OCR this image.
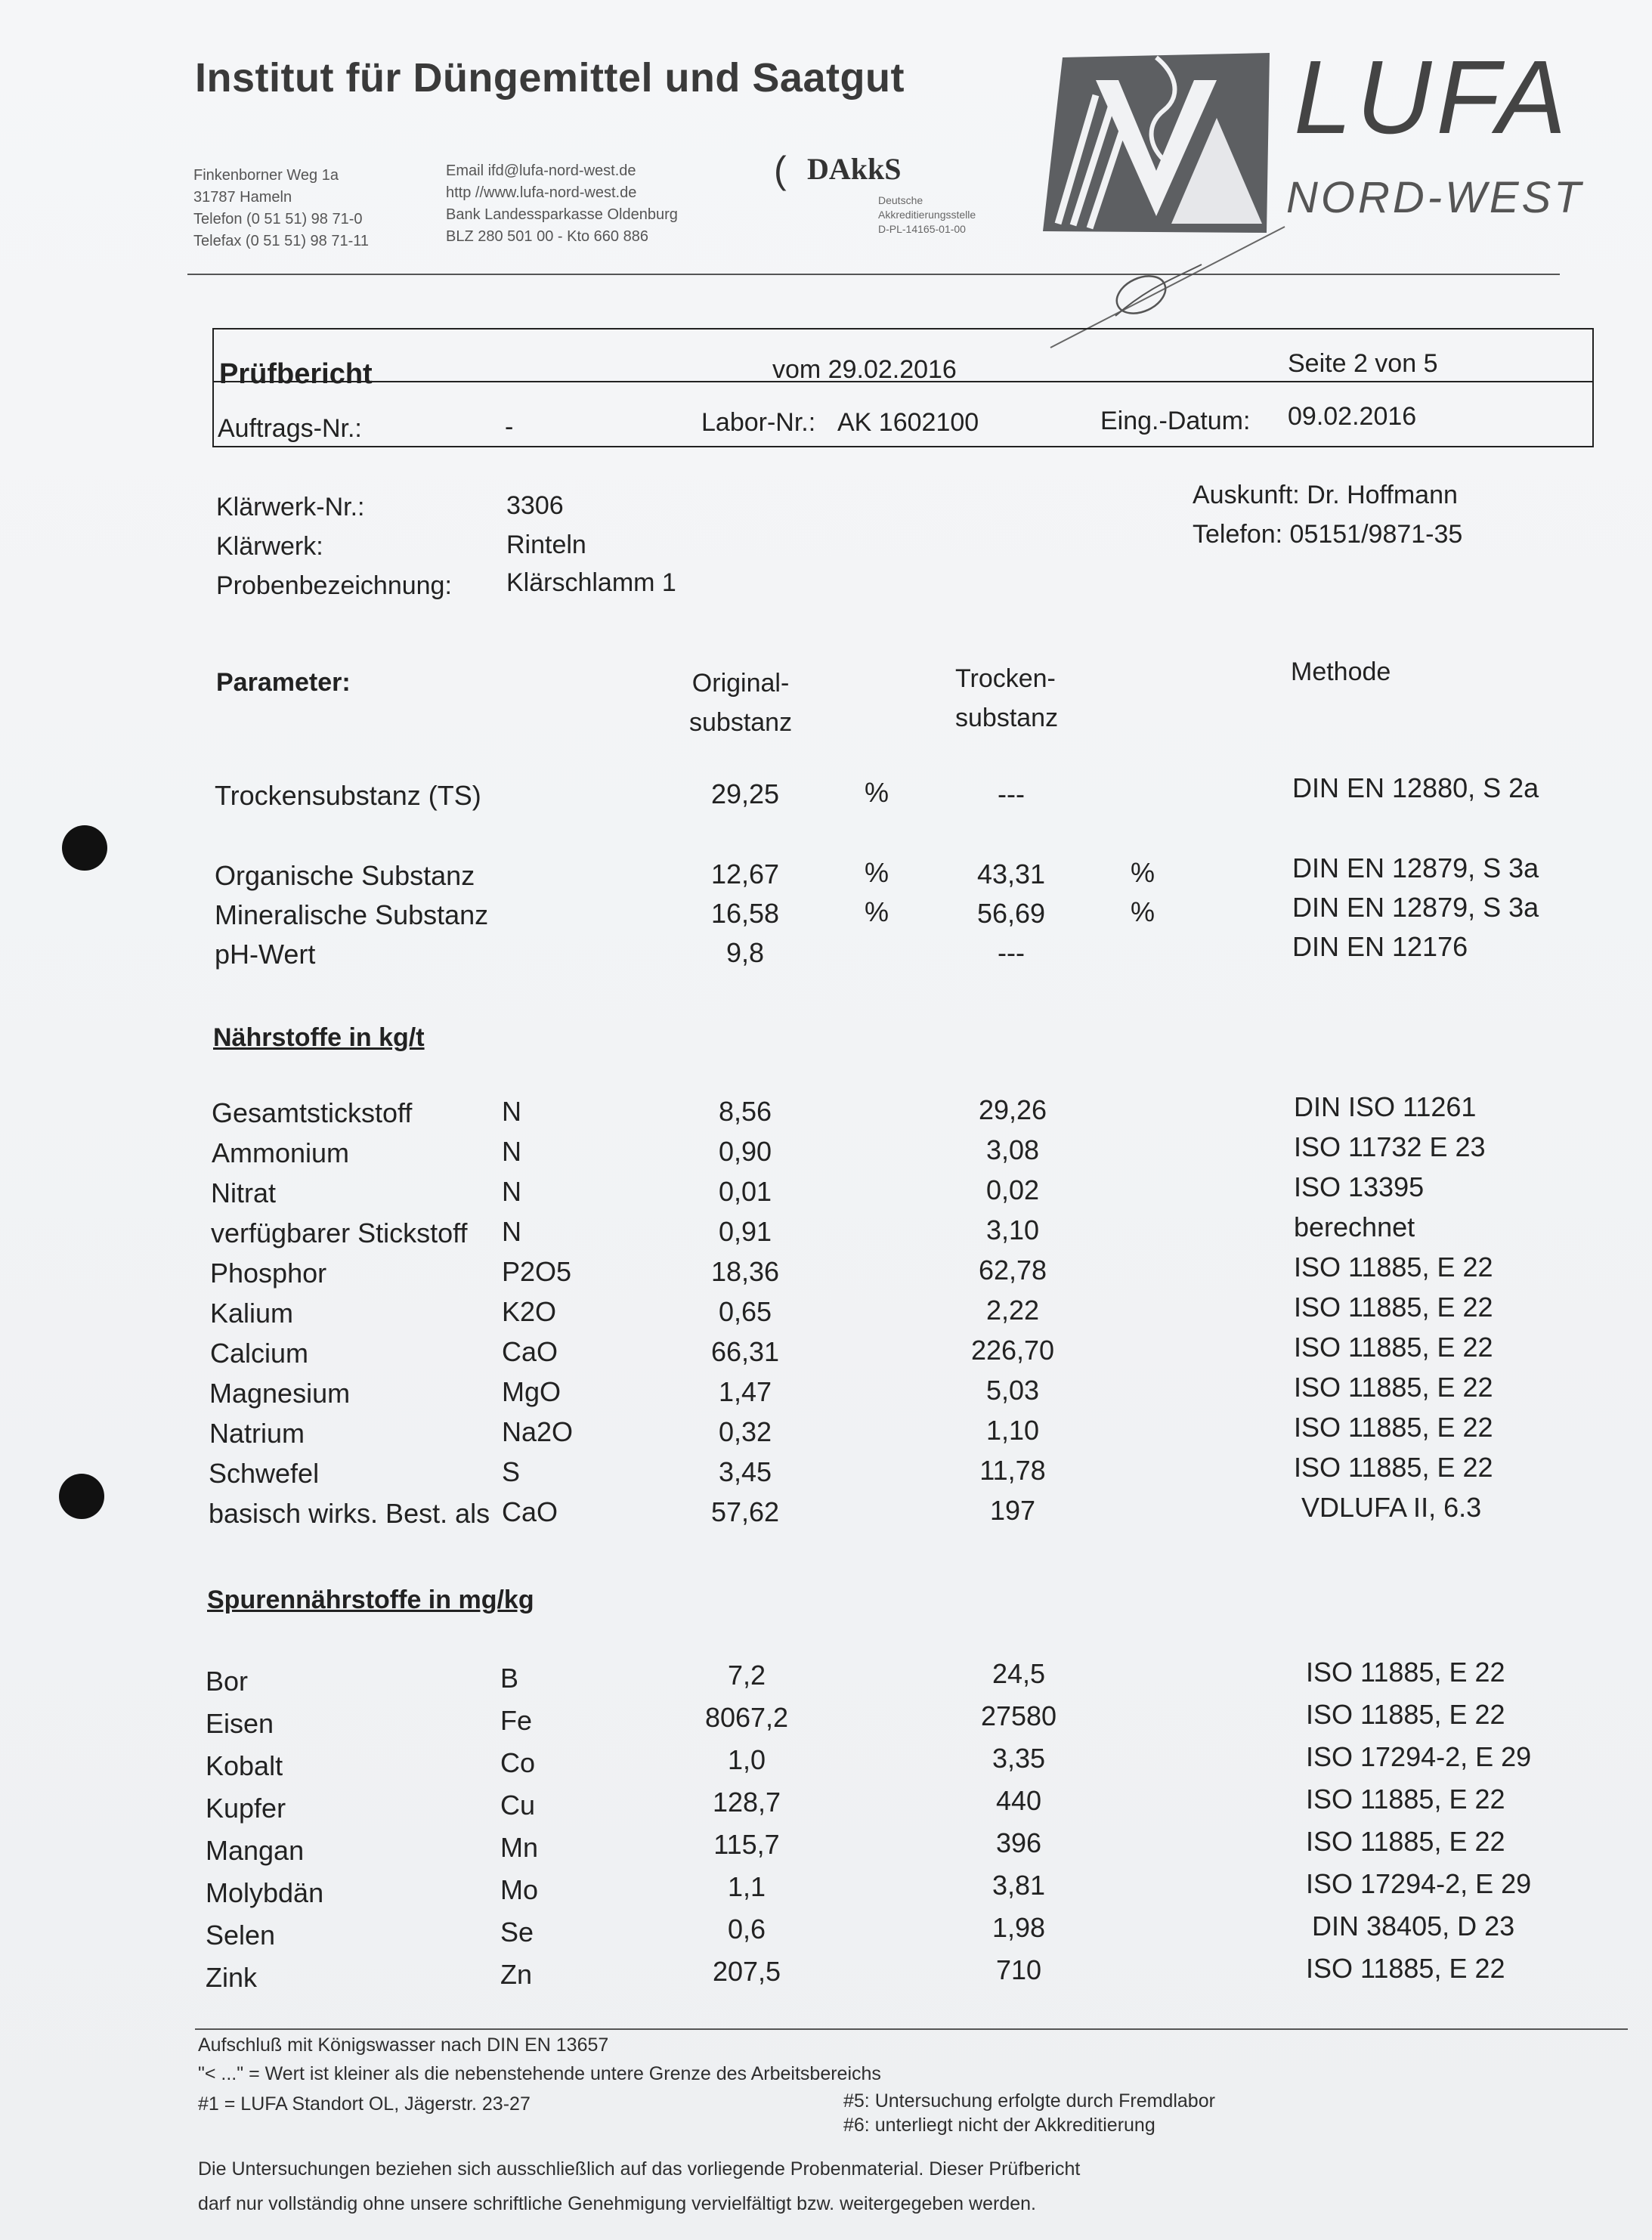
Institut für Düngemittel und Saatgut
Finkenborner Weg 1a
31787 Hameln
Telefon (0 51 51) 98 71-0
Telefax (0 51 51) 98 71-11
Email ifd@lufa-nord-west.de
http //www.lufa-nord-west.de
Bank Landessparkasse Oldenburg
BLZ 280 501 00 - Kto 660 886
( DAkkS
Deutsche
Akkreditierungsstelle
D-PL-14165-01-00
LUFA
NORD-WEST
Prüfbericht	vom 29.02.2016	Seite 2 von 5
Auftrags-Nr.:	-	Labor-Nr.: AK 1602100	Eing.-Datum: 09.02.2016
Klärwerk-Nr.:	3306
Klärwerk:	Rinteln
Probenbezeichnung: Klärschlamm 1
Auskunft: Dr. Hoffmann
Telefon: 05151/9871-35
Parameter:	Original-
substanz
Trocken-
substanz
Methode
Trockensubstanz (TS)	29,25	%	---	DIN EN 12880, S 2a
Organische Substanz	12,67	%	43,31	%	DIN EN 12879, S 3a
Mineralische Substanz	16,58	%	56,69	%	DIN EN 12879, S 3a
pH-Wert	9,8	---	DIN EN 12176
Nährstoffe in kg/t
Gesamtstickstoff	N	8,56	29,26	DIN ISO 11261
Ammonium	N	0,90	3,08	ISO 11732 E 23
Nitrat	N	0,01	0,02	ISO 13395
verfügbarer Stickstoff N	0,91	3,10	berechnet
Phosphor	P2O5	18,36	62,78	ISO 11885, E 22
Kalium	K2O	0,65	2,22	ISO 11885, E 22
Calcium	CaO	66,31	226,70	ISO 11885, E 22
Magnesium	MgO	1,47	5,03	ISO 11885, E 22
Natrium	Na2O	0,32	1,10	ISO 11885, E 22
Schwefel	S	3,45	11,78	ISO 11885, E 22
basisch wirks. Best. als CaO	57,62	197	VDLUFA II, 6.3
Spurennährstoffe in mg/kg
Bor	B	7,2	24,5	ISO 11885, E 22
Eisen	Fe	8067,2	27580	ISO 11885, E 22
Kobalt	Co	1,0	3,35	ISO 17294-2, E 29
Kupfer	Cu	128,7	440	ISO 11885, E 22
Mangan	Mn	115,7	396	ISO 11885, E 22
Molybdän	Mo	1,1	3,81	ISO 17294-2, E 29
Selen	Se	0,6	1,98	DIN 38405, D 23
Zink	Zn	207,5	710	ISO 11885, E 22
Aufschluß mit Königswasser nach DIN EN 13657
"< ..." = Wert ist kleiner als die nebenstehende untere Grenze des Arbeitsbereichs
#1 = LUFA Standort OL, Jägerstr. 23-27	#5: Untersuchung erfolgte durch Fremdlabor
#6: unterliegt nicht der Akkreditierung
Die Untersuchungen beziehen sich ausschließlich auf das vorliegende Probenmaterial. Dieser Prüfbericht
darf nur vollständig ohne unsere schriftliche Genehmigung vervielfältigt bzw. weitergegeben werden.
